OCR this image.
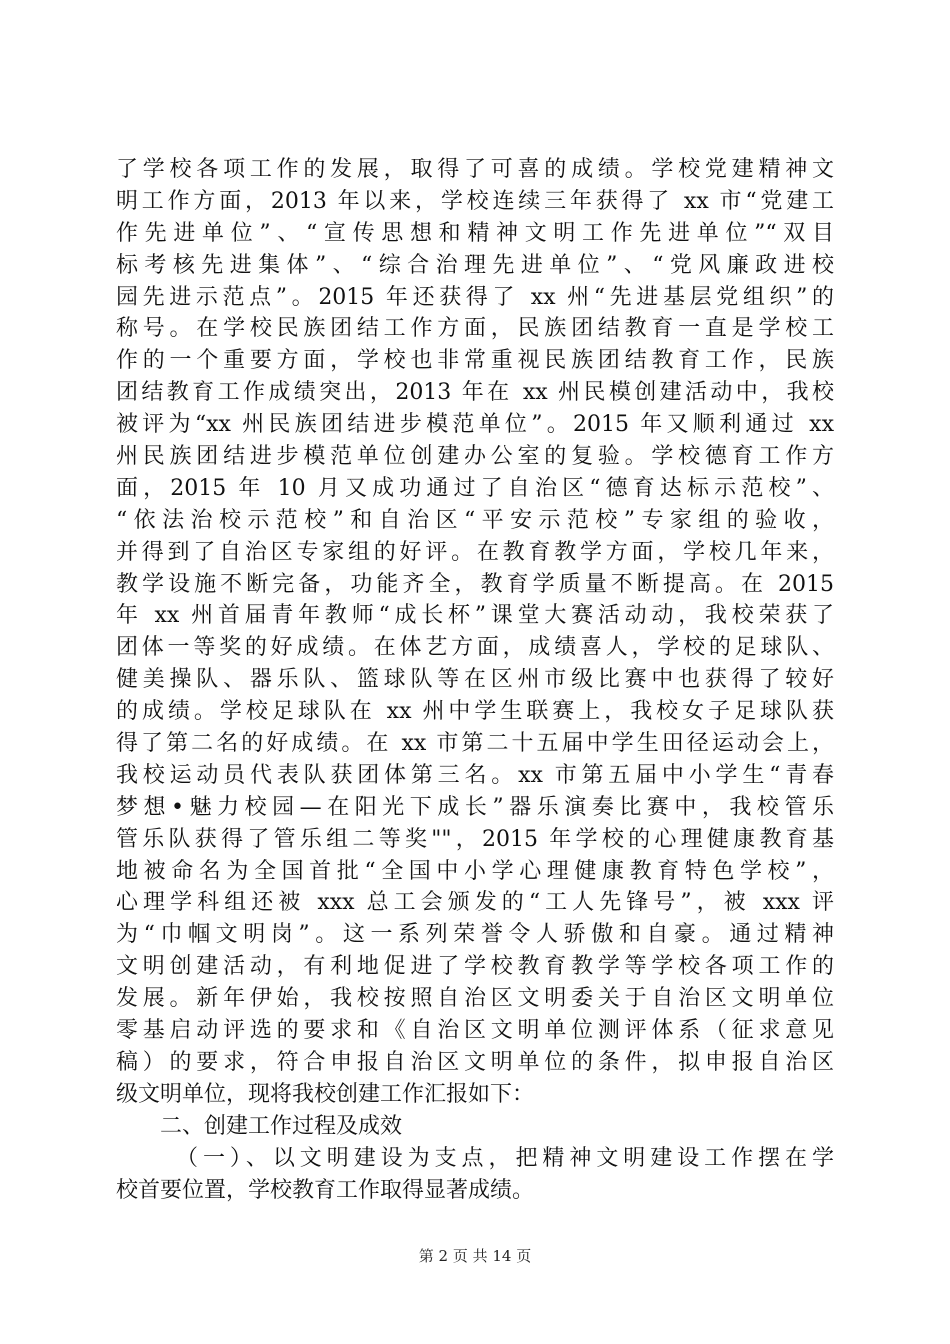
了学校各项工作的发展，取得了可喜的成绩。学校党建精神文
明工作方面，2013 年以来，学校连续三年获得了 xx 市“党建工
作先进单位”、“宣传思想和精神文明工作先进单位”“双目
标考核先进集体”、“综合治理先进单位”、“党风廉政进校
园先进示范点”。2015 年还获得了 xx 州“先进基层党组织”的
称号。在学校民族团结工作方面，民族团结教育一直是学校工
作的一个重要方面，学校也非常重视民族团结教育工作，民族
团结教育工作成绩突出，2013 年在 xx 州民模创建活动中，我校
被评为“xx 州民族团结进步模范单位”。2015 年又顺利通过 xx
州民族团结进步模范单位创建办公室的复验。学校德育工作方
面，2015 年 10 月又成功通过了自治区“德育达标示范校”、
“依法治校示范校”和自治区“平安示范校”专家组的验收，
并得到了自治区专家组的好评。在教育教学方面，学校几年来，
教学设施不断完备，功能齐全，教育学质量不断提高。在 2015
年 xx 州首届青年教师“成长杯”课堂大赛活动动，我校荣获了
团体一等奖的好成绩。在体艺方面，成绩喜人，学校的足球队、
健美操队、器乐队、篮球队等在区州市级比赛中也获得了较好
的成绩。学校足球队在 xx 州中学生联赛上，我校女子足球队获
得了第二名的好成绩。在 xx 市第二十五届中学生田径运动会上，
我校运动员代表队获团体第三名。xx 市第五届中小学生“青春
梦想•魅力校园—在阳光下成长”器乐演奏比赛中，我校管乐
管乐队获得了管乐组二等奖""，2015 年学校的心理健康教育基
地被命名为全国首批“全国中小学心理健康教育特色学校”，
心理学科组还被 xxx 总工会颁发的“工人先锋号”，被 xxx 评
为“巾帼文明岗”。这一系列荣誉令人骄傲和自豪。通过精神
文明创建活动，有利地促进了学校教育教学等学校各项工作的
发展。新年伊始，我校按照自治区文明委关于自治区文明单位
零基启动评选的要求和《自治区文明单位测评体系（征求意见
稿）的要求，符合申报自治区文明单位的条件，拟申报自治区
级文明单位，现将我校创建工作汇报如下：
二、创建工作过程及成效
（一）、以文明建设为支点，把精神文明建设工作摆在学
校首要位置，学校教育工作取得显著成绩。
第 2 页 共 14 页
